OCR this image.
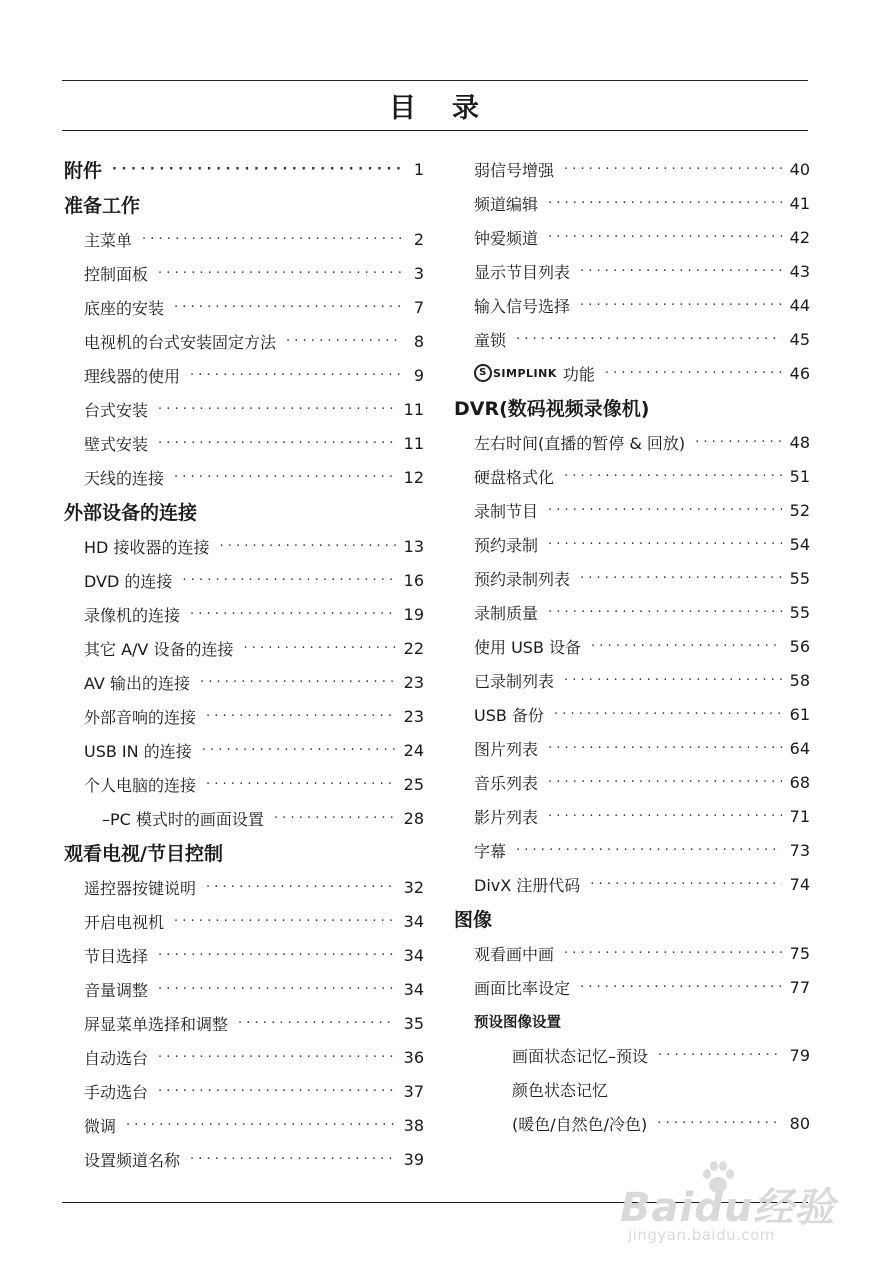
目 录
附件 · · ·	1
准备工作
主菜单 · · ·	2
控制面板 · · ·	3
底座的安装 · · ·	7
电视机的台式安装固定方法 · · ·	8
理线器的使用 · · ·	9
台式安装 · · ·	11
壁式安装 · · ·	11
天线的连接 · · ·	12
外部设备的连接
HD 接收器的连接 · · ·	13
DVD 的连接 · · ·	16
录像机的连接 · · ·	19
其它 A/V 设备的连接 · · ·	22
AV 输出的连接 · · ·	23
外部音响的连接 · · ·	23
USB IN 的连接 · · ·	24
个人电脑的连接 · · ·	25
–PC 模式时的画面设置 · · ·	28
观看电视/节目控制
遥控器按键说明 · · ·	32
开启电视机 · · ·	34
节目选择 · · ·	34
音量调整 · · ·	34
屏显菜单选择和调整 · · ·	35
自动选台 · · ·	36
手动选台 · · ·	37
微调 · · ·	38
设置频道名称 · · ·	39
弱信号增强 · · ·	40
频道编辑 · · ·	41
钟爱频道 · · ·	42
显示节目列表 · · ·	43
输入信号选择 · · ·	44
童锁 · · ·	45
S SIMPLINK 功能 · · ·	46
DVR(数码视频录像机)
左右时间(直播的暂停 & 回放) · · ·	48
硬盘格式化 · · ·	51
录制节目 · · ·	52
预约录制 · · ·	54
预约录制列表 · · ·	55
录制质量 · · ·	55
使用 USB 设备 · · ·	56
已录制列表 · · ·	58
USB 备份 · · ·	61
图片列表 · · ·	64
音乐列表 · · ·	68
影片列表 · · ·	71
字幕 · · ·	73
DivX 注册代码 · · ·	74
图像
观看画中画 · · ·	75
画面比率设定 · · ·	77
预设图像设置
画面状态记忆–预设 · · ·	79
颜色状态记忆
(暖色/自然色/冷色) · · ·	80
Baidu经验
jingyan.baidu.com
